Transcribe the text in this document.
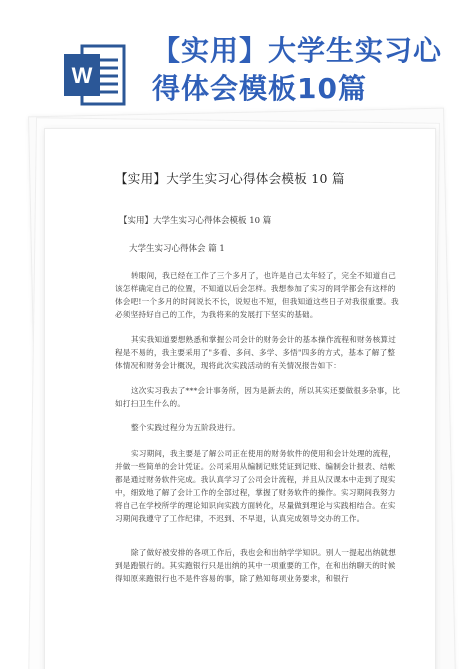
W
【实用】大学生实习心得体会模板10篇
【实用】大学生实习心得体会模板 10 篇
【实用】大学生实习心得体会模板 10 篇
大学生实习心得体会 篇 1

转眼间，我已经在工作了三个多月了，也许是自己太年轻了，完全不知道自己该怎样确定自己的位置，不知道以后会怎样。我想参加了实习的同学都会有这样的体会吧!一个多月的时间说长不长，说短也不短，但我知道这些日子对我很重要。我必须坚持好自己的工作，为我将来的发展打下坚实的基础。

其实我知道要想熟悉和掌握公司会计的财务会计的基本操作流程和财务核算过程是不易的，我主要采用了"多看、多问、多学、多悟"四多的方式，基本了解了整体情况和财务会计概况，现将此次实践活动的有关情况报告如下：

这次实习我去了***会计事务所，因为是新去的，所以其实还要做很多杂事，比如打扫卫生什么的。

整个实践过程分为五阶段进行。

实习期间，我主要是了解公司正在使用的财务软件的使用和会计处理的流程，并做一些简单的会计凭证。公司采用从编制记账凭证到记账、编制会计报表、结帐都是通过财务软件完成。我认真学习了公司会计流程，并且从汉课本中走到了现实中，细致地了解了会计工作的全部过程，掌握了财务软件的操作。实习期间我努力将自己在学校所学的理论知识向实践方面转化，尽量做到理论与实践相结合。在实习期间我遵守了工作纪律，不迟到、不早退，认真完成领导交办的工作。

除了做好被安排的各项工作后，我也会和出纳学学知识。别人一提起出纳就想到是跑银行的。其实跑银行只是出纳的其中一项重要的工作，在和出纳聊天的时候得知原来跑银行也不是件容易的事，除了熟知每项业务要求，和银行
